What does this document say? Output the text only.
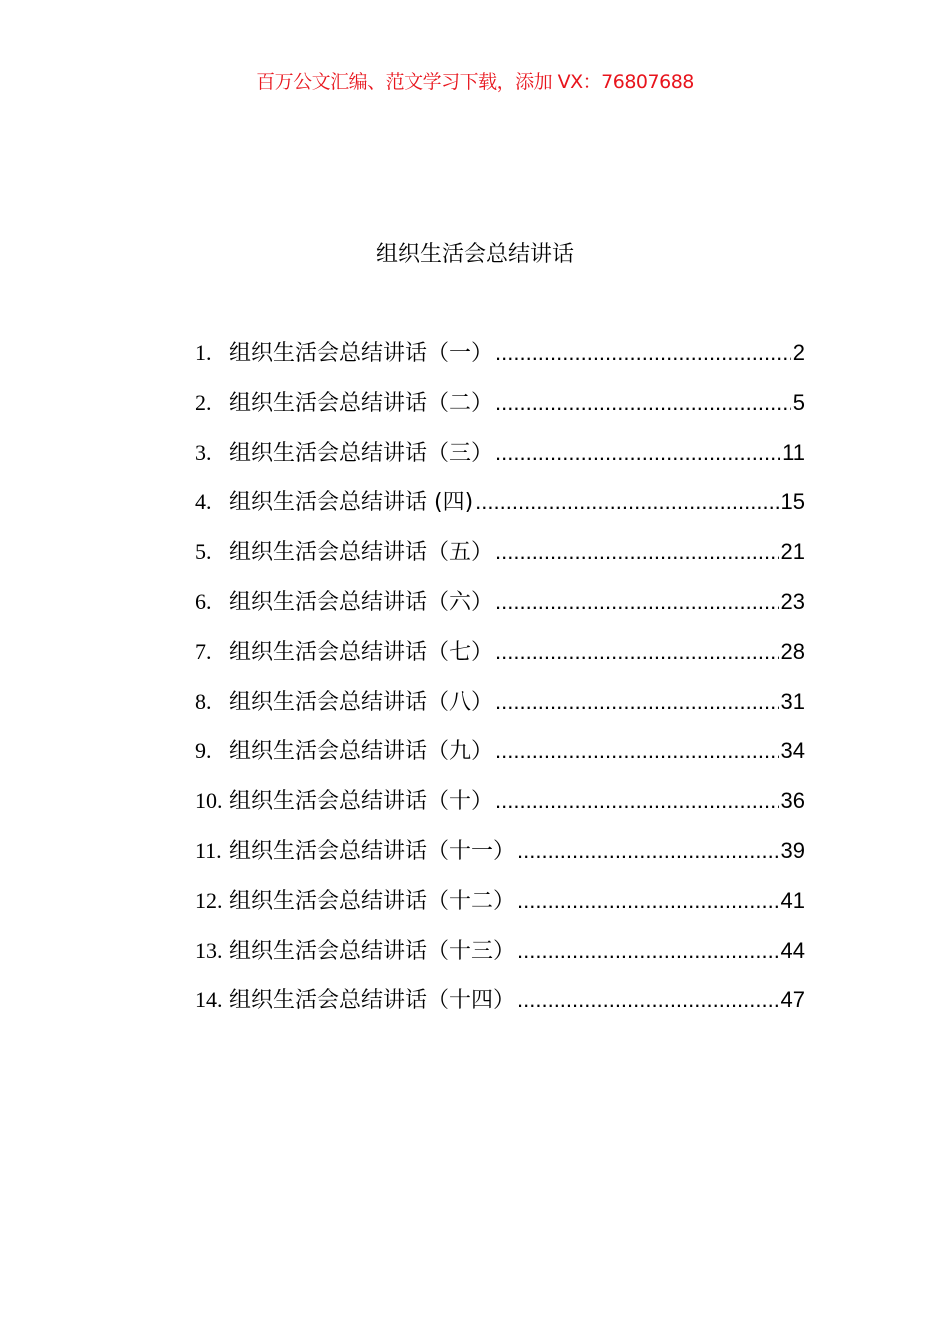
百万公文汇编、范文学习下载，添加 VX：76807688
组织生活会总结讲话
1. 组织生活会总结讲话（一） .....	2
2. 组织生活会总结讲话（二） .....	5
3. 组织生活会总结讲话（三） .....	11
4. 组织生活会总结讲话 (四) .....	15
5. 组织生活会总结讲话（五） .....	21
6. 组织生活会总结讲话（六） .....	23
7. 组织生活会总结讲话（七） .....	28
8. 组织生活会总结讲话（八） .....	31
9. 组织生活会总结讲话（九） .....	34
10. 组织生活会总结讲话（十） .....	36
11. 组织生活会总结讲话（十一） .....	39
12. 组织生活会总结讲话（十二） .....	41
13. 组织生活会总结讲话（十三） .....	44
14. 组织生活会总结讲话（十四） .....	47
